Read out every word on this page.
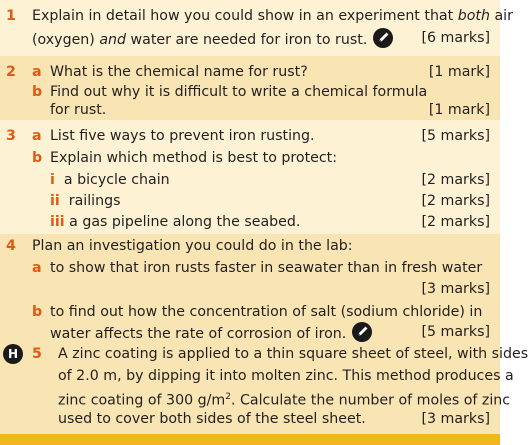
1 Explain in detail how you could show in an experiment that both air
(oxygen) and water are needed for iron to rust.	[6 marks]
2 a What is the chemical name for rust?	[1 mark]
b Find out why it is difficult to write a chemical formula
for rust.	[1 mark]
3 a List five ways to prevent iron rusting.	[5 marks]
b Explain which method is best to protect:
i a bicycle chain	[2 marks]
ii railings	[2 marks]
iii a gas pipeline along the seabed.	[2 marks]
4 Plan an investigation you could do in the lab:
a to show that iron rusts faster in seawater than in fresh water
[3 marks]
b to find out how the concentration of salt (sodium chloride) in
water affects the rate of corrosion of iron.	[5 marks]
H 5 A zinc coating is applied to a thin square sheet of steel, with sides
of 2.0 m, by dipping it into molten zinc. This method produces a
zinc coating of 300 $g/m^2$. Calculate the number of moles of zinc
used to cover both sides of the steel sheet.	[3 marks]
